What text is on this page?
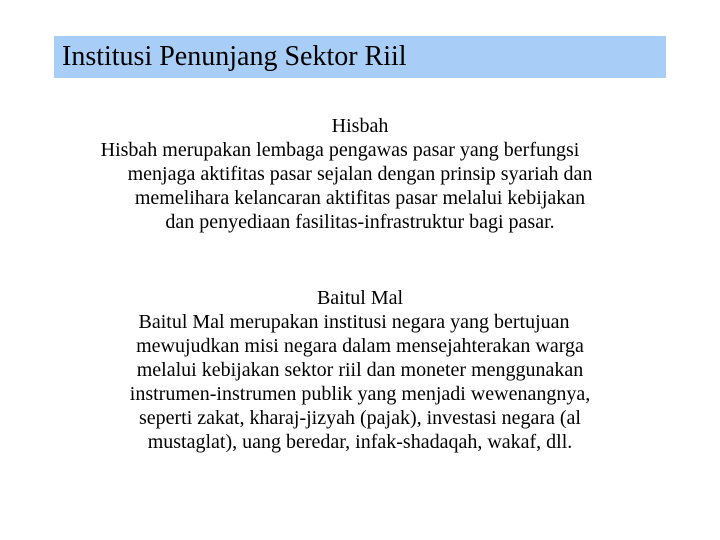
Institusi Penunjang Sektor Riil
Hisbah
Hisbah merupakan lembaga pengawas pasar yang berfungsi
menjaga aktifitas pasar sejalan dengan prinsip syariah dan
memelihara kelancaran aktifitas pasar melalui kebijakan
dan penyediaan fasilitas-infrastruktur bagi pasar.
Baitul Mal
Baitul Mal merupakan institusi negara yang bertujuan
mewujudkan misi negara dalam mensejahterakan warga
melalui kebijakan sektor riil dan moneter menggunakan
instrumen-instrumen publik yang menjadi wewenangnya,
seperti zakat, kharaj-jizyah (pajak), investasi negara (al
mustaglat), uang beredar, infak-shadaqah, wakaf, dll.
